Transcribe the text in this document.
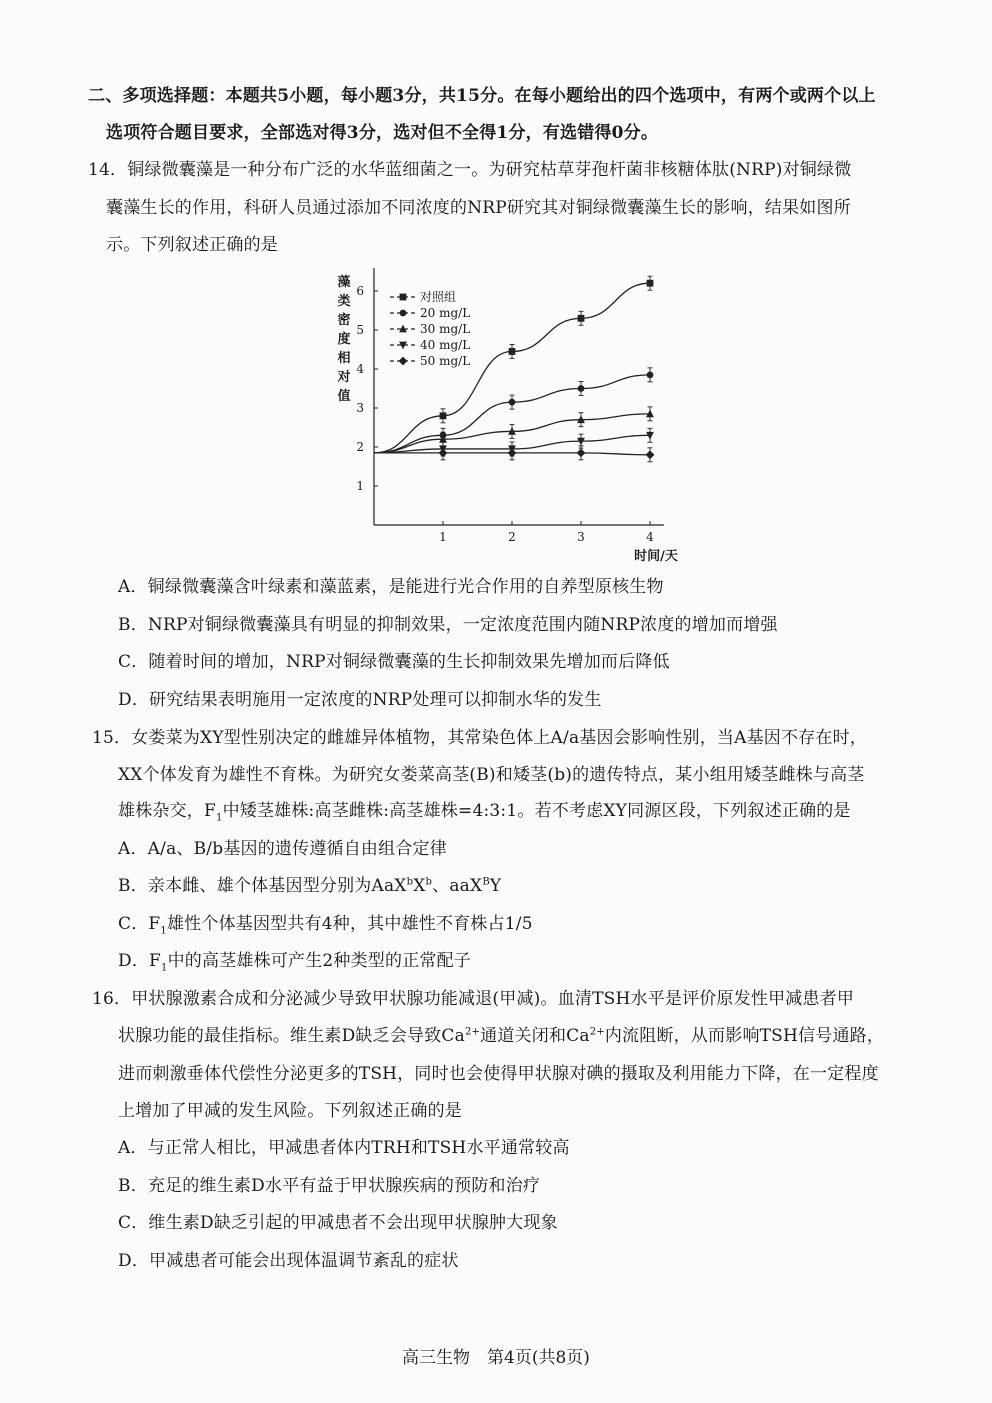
二、多项选择题：本题共5小题，每小题3分，共15分。在每小题给出的四个选项中，有两个或两个以上
选项符合题目要求，全部选对得3分，选对但不全得1分，有选错得0分。
14．铜绿微囊藻是一种分布广泛的水华蓝细菌之一。为研究枯草芽孢杆菌非核糖体肽(NRP)对铜绿微
囊藻生长的作用，科研人员通过添加不同浓度的NRP研究其对铜绿微囊藻生长的影响，结果如图所
示。下列叙述正确的是
1
2
3
4
5
6
1	2	3	4
藻
类
密
度
相
对
值
时间/天
对照组
20 mg/L
30 mg/L
40 mg/L
50 mg/L
A．铜绿微囊藻含叶绿素和藻蓝素，是能进行光合作用的自养型原核生物
B．NRP对铜绿微囊藻具有明显的抑制效果，一定浓度范围内随NRP浓度的增加而增强
C．随着时间的增加，NRP对铜绿微囊藻的生长抑制效果先增加而后降低
D．研究结果表明施用一定浓度的NRP处理可以抑制水华的发生
15．女娄菜为XY型性别决定的雌雄异体植物，其常染色体上A/a基因会影响性别，当A基因不存在时，
XX个体发育为雄性不育株。为研究女娄菜高茎(B)和矮茎(b)的遗传特点，某小组用矮茎雌株与高茎
雄株杂交，$F_1$中矮茎雄株:高茎雌株:高茎雄株=4:3:1。若不考虑XY同源区段，下列叙述正确的是
A．A/a、B/b基因的遗传遵循自由组合定律
B．亲本雌、雄个体基因型分别为$AaX^bX^b$、aaX$^B$Y
C．$F_1$雄性个体基因型共有4种，其中雄性不育株占1/5
D．$F_1$中的高茎雄株可产生2种类型的正常配子
16．甲状腺激素合成和分泌减少导致甲状腺功能减退(甲减)。血清TSH水平是评价原发性甲减患者甲
状腺功能的最佳指标。维生素D缺乏会导致$Ca^{2+}$通道关闭和$Ca^{2+}$内流阻断，从而影响TSH信号通路，
进而刺激垂体代偿性分泌更多的TSH，同时也会使得甲状腺对碘的摄取及利用能力下降，在一定程度
上增加了甲减的发生风险。下列叙述正确的是
A．与正常人相比，甲减患者体内TRH和TSH水平通常较高
B．充足的维生素D水平有益于甲状腺疾病的预防和治疗
C．维生素D缺乏引起的甲减患者不会出现甲状腺肿大现象
D．甲减患者可能会出现体温调节紊乱的症状
高三生物　第4页(共8页)
